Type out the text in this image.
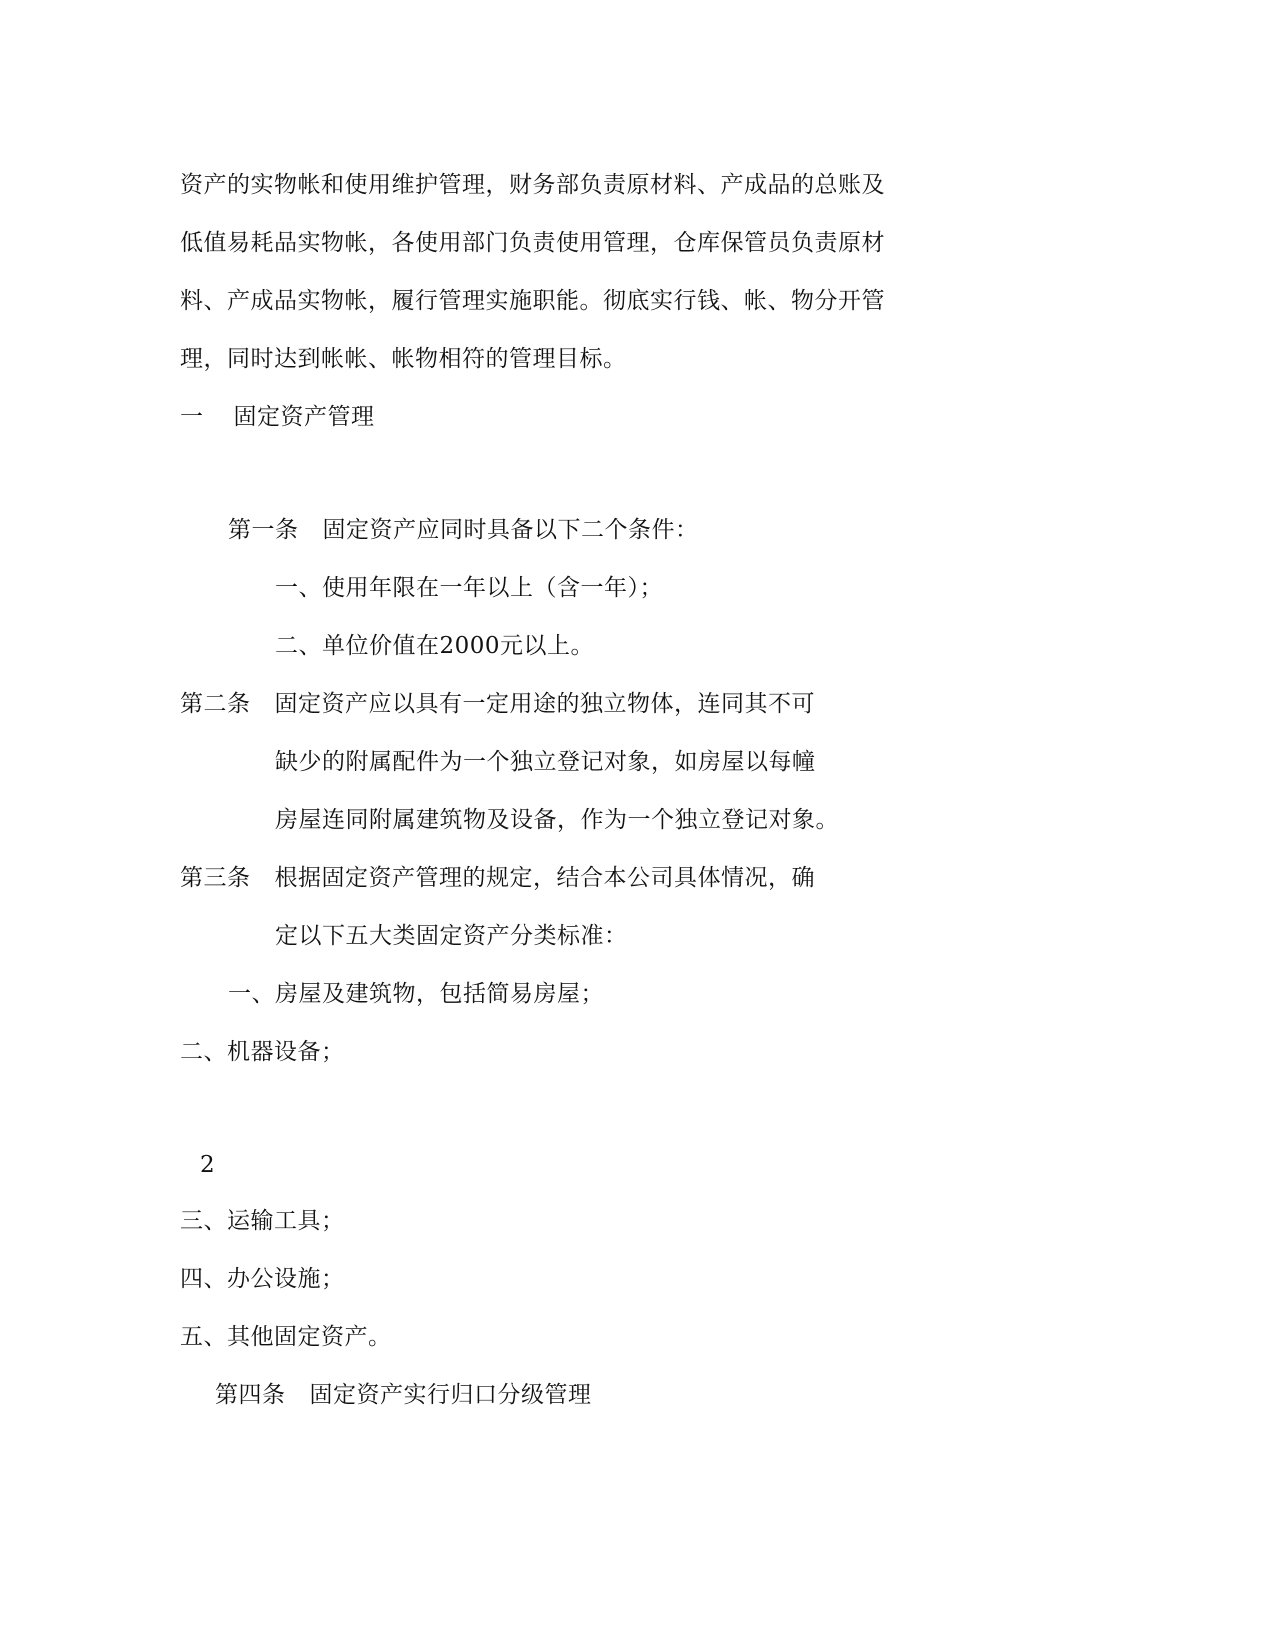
资产的实物帐和使用维护管理，财务部负责原材料、产成品的总账及
低值易耗品实物帐，各使用部门负责使用管理，仓库保管员负责原材
料、产成品实物帐，履行管理实施职能。彻底实行钱、帐、物分开管
理，同时达到帐帐、帐物相符的管理目标。
一 固定资产管理
第一条 固定资产应同时具备以下二个条件：
一、使用年限在一年以上（含一年）；
二、单位价值在2000元以上。
第二条 固定资产应以具有一定用途的独立物体，连同其不可
缺少的附属配件为一个独立登记对象，如房屋以每幢
房屋连同附属建筑物及设备，作为一个独立登记对象。
第三条 根据固定资产管理的规定，结合本公司具体情况，确
定以下五大类固定资产分类标准：
一、房屋及建筑物，包括简易房屋；
二、机器设备；
2
三、运输工具；
四、办公设施；
五、其他固定资产。
第四条 固定资产实行归口分级管理
